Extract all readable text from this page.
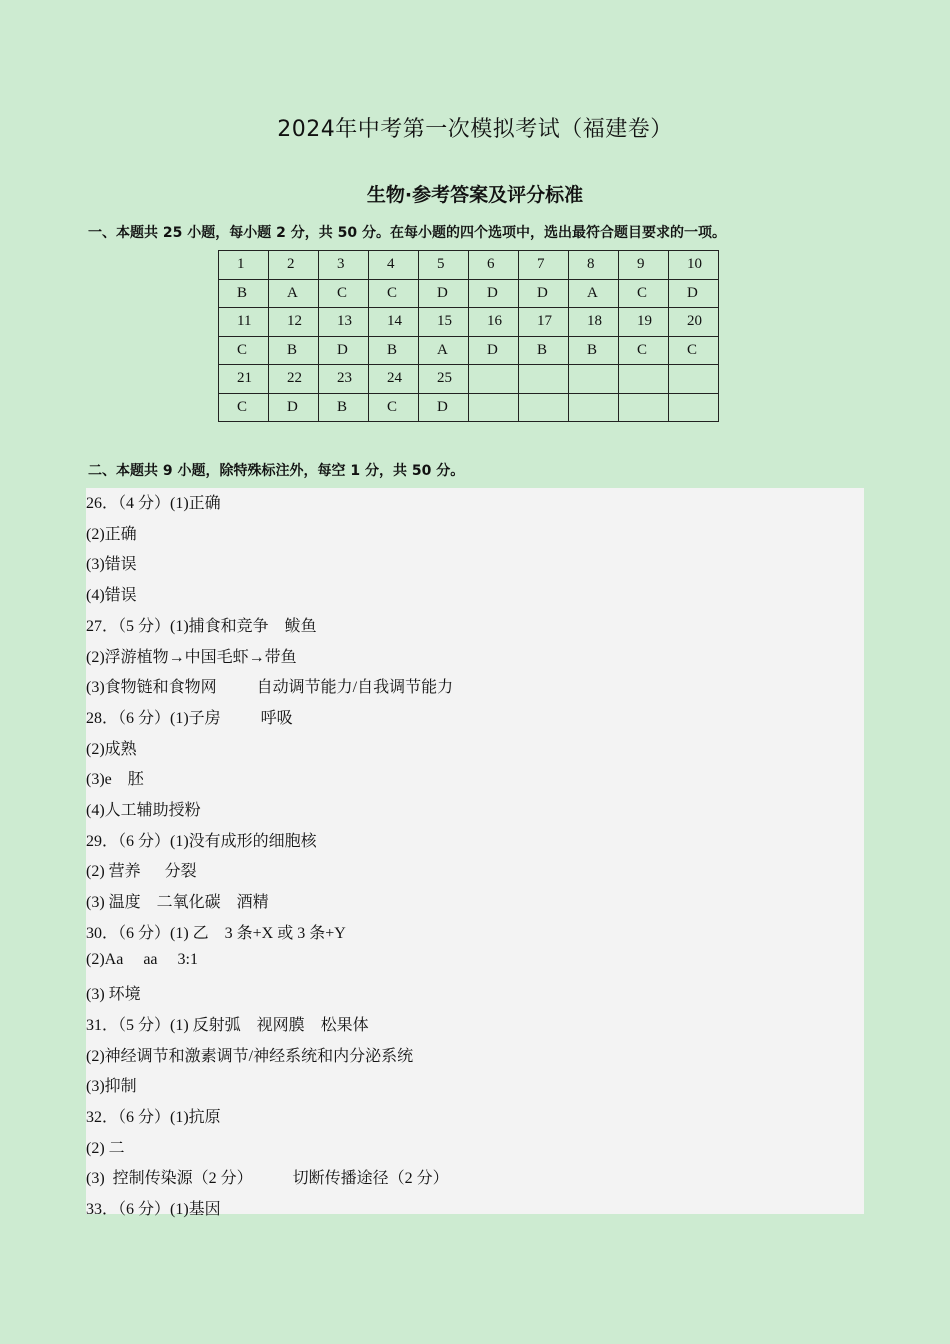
2024年中考第一次模拟考试（福建卷）
生物·参考答案及评分标准
一、本题共 25 小题，每小题 2 分，共 50 分。在每小题的四个选项中，选出最符合题目要求的一项。
1	2	3	4	5	6	7	8	9	10
B	A	C	C	D	D	D	A	C	D
11	12	13	14	15	16	17	18	19	20
C	B	D	B	A	D	B	B	C	C
21	22	23	24	25					
C	D	B	C	D					
二、本题共 9 小题，除特殊标注外，每空 1 分，共 50 分。
26．（4 分）(1)正确
(2)正确
(3)错误
(4)错误
27．（5 分）(1)捕食和竞争    鲅鱼
(2)浮游植物→中国毛虾→带鱼
(3)食物链和食物网          自动调节能力/自我调节能力
28．（6 分）(1)子房          呼吸
(2)成熟
(3)e    胚
(4)人工辅助授粉
29．（6 分）(1)没有成形的细胞核
(2) 营养      分裂
(3) 温度    二氧化碳    酒精
30．（6 分）(1) 乙    3 条+X 或 3 条+Y
(2)Aa     aa     3:1
(3) 环境
31．（5 分）(1) 反射弧    视网膜    松果体
(2)神经调节和激素调节/神经系统和内分泌系统
(3)抑制
32．（6 分）(1)抗原
(2) 二
(3)  控制传染源（2 分）          切断传播途径（2 分）
33．（6 分）(1)基因
